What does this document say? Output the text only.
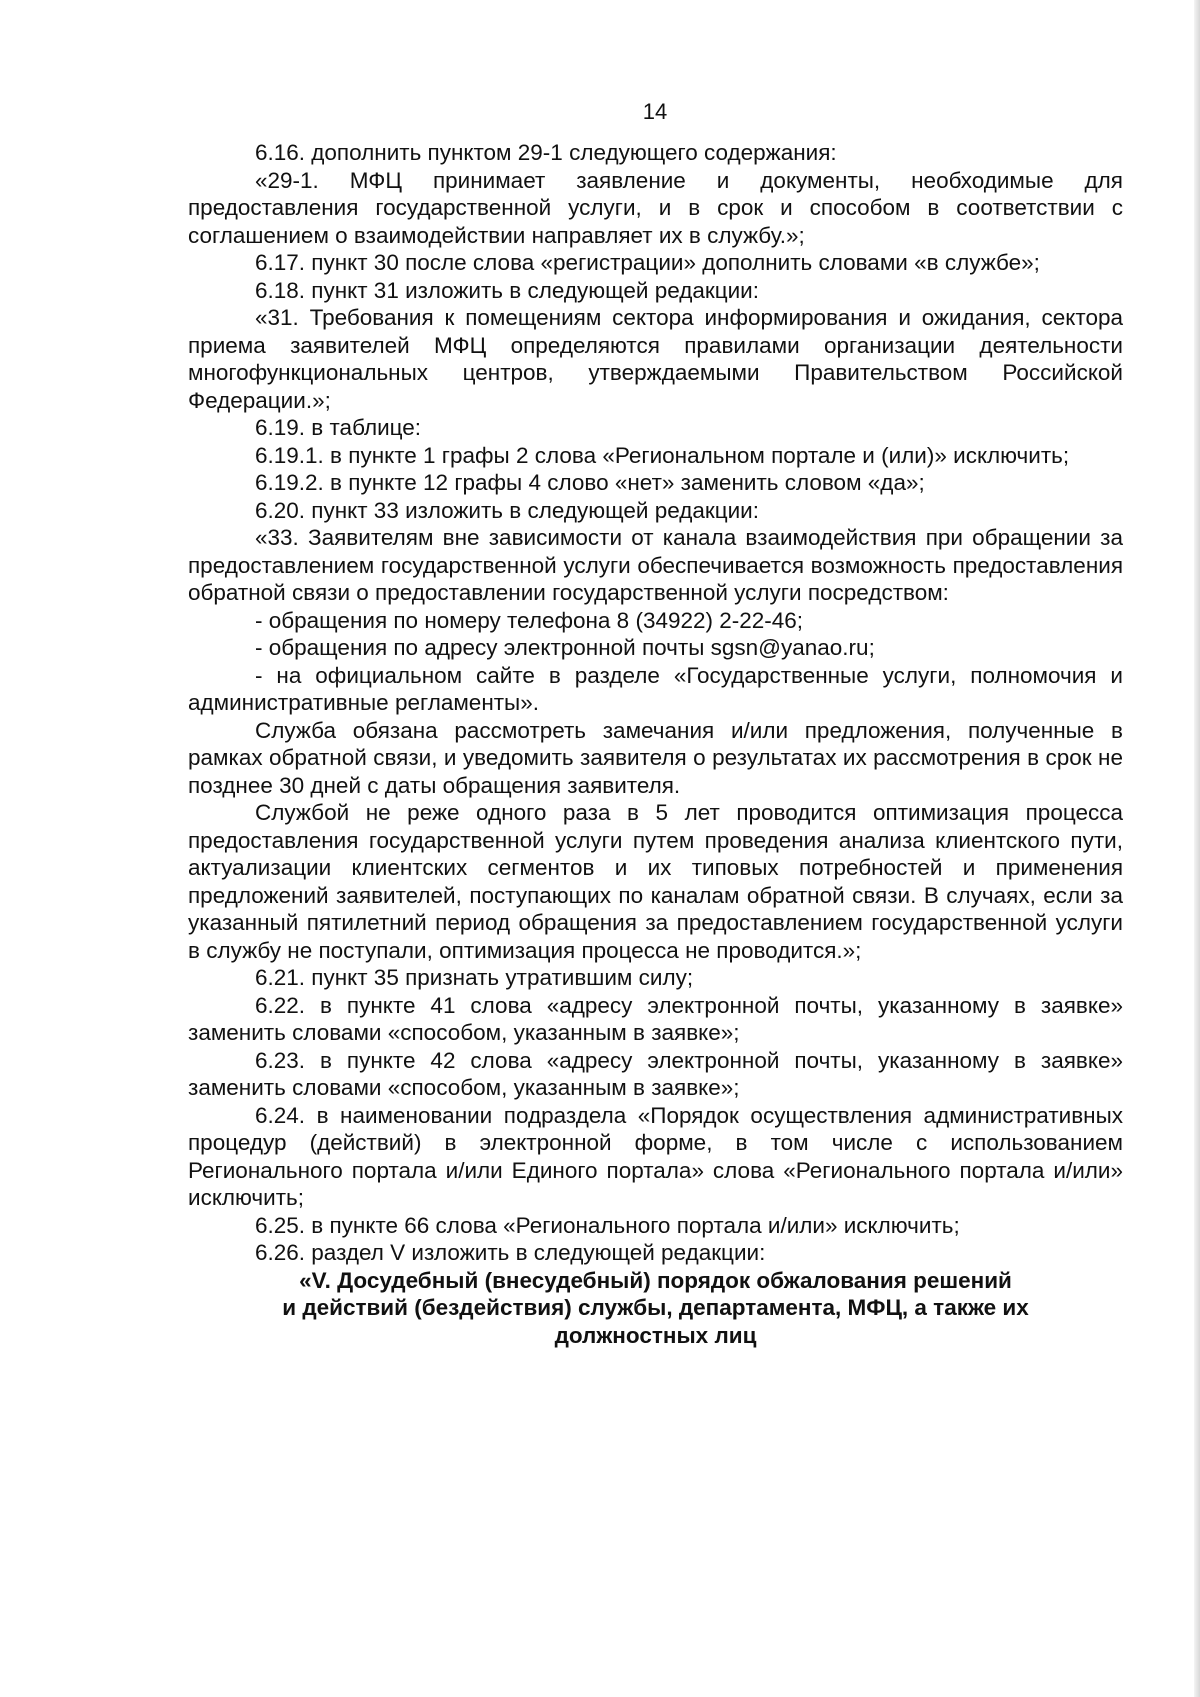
14

6.16. дополнить пунктом 29-1 следующего содержания:

«29-1. МФЦ принимает заявление и документы, необходимые для предоставления государственной услуги, и в срок и способом в соответствии с соглашением о взаимодействии направляет их в службу.»;

6.17. пункт 30 после слова «регистрации» дополнить словами «в службе»;

6.18. пункт 31 изложить в следующей редакции:

«31. Требования к помещениям сектора информирования и ожидания, сектора приема заявителей МФЦ определяются правилами организации деятельности многофункциональных центров, утверждаемыми Правительством Российской Федерации.»;

6.19. в таблице:

6.19.1. в пункте 1 графы 2 слова «Региональном портале и (или)» исключить;

6.19.2. в пункте 12 графы 4 слово «нет» заменить словом «да»;

6.20. пункт 33 изложить в следующей редакции:

«33. Заявителям вне зависимости от канала взаимодействия при обращении за предоставлением государственной услуги обеспечивается возможность предоставления обратной связи о предоставлении государственной услуги посредством:

- обращения по номеру телефона 8 (34922) 2-22-46;

- обращения по адресу электронной почты sgsn@yanao.ru;

- на официальном сайте в разделе «Государственные услуги, полномочия и административные регламенты».

Служба обязана рассмотреть замечания и/или предложения, полученные в рамках обратной связи, и уведомить заявителя о результатах их рассмотрения в срок не позднее 30 дней с даты обращения заявителя.

Службой не реже одного раза в 5 лет проводится оптимизация процесса предоставления государственной услуги путем проведения анализа клиентского пути, актуализации клиентских сегментов и их типовых потребностей и применения предложений заявителей, поступающих по каналам обратной связи. В случаях, если за указанный пятилетний период обращения за предоставлением государственной услуги в службу не поступали, оптимизация процесса не проводится.»;

6.21. пункт 35 признать утратившим силу;

6.22. в пункте 41 слова «адресу электронной почты, указанному в заявке» заменить словами «способом, указанным в заявке»;

6.23. в пункте 42 слова «адресу электронной почты, указанному в заявке» заменить словами «способом, указанным в заявке»;

6.24. в наименовании подраздела «Порядок осуществления административных процедур (действий) в электронной форме, в том числе с использованием Регионального портала и/или Единого портала» слова «Регионального портала и/или» исключить;

6.25. в пункте 66 слова «Регионального портала и/или» исключить;

6.26. раздел V изложить в следующей редакции:

«V. Досудебный (внесудебный) порядок обжалования решений
и действий (бездействия) службы, департамента, МФЦ, а также их
должностных лиц
